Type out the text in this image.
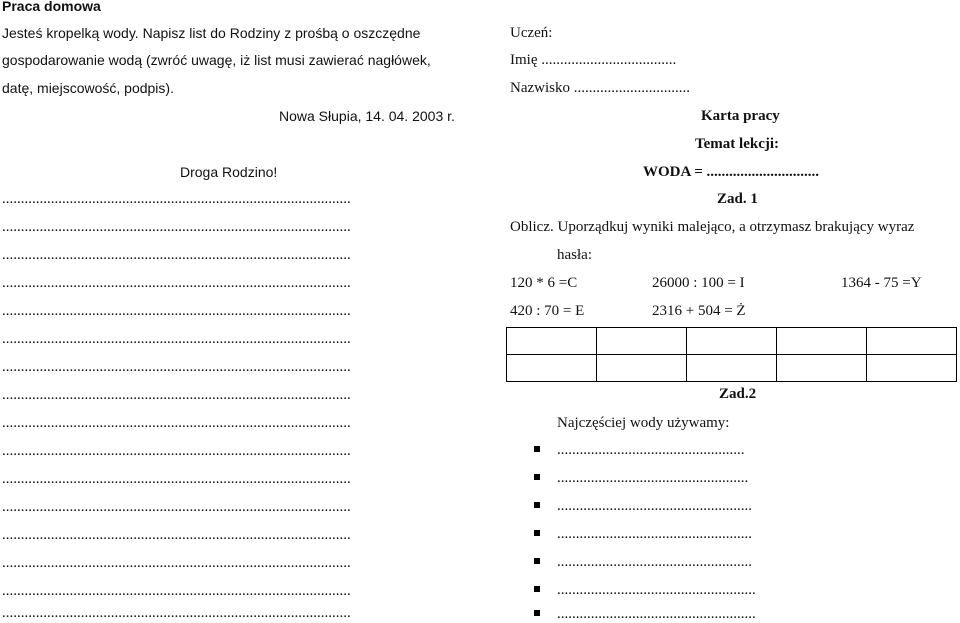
Praca domowa
Jesteś kropelką wody. Napisz list do Rodziny z prośbą o oszczędne
gospodarowanie wodą (zwróć uwagę, iż list musi zawierać nagłówek,
datę, miejscowość, podpis).
Nowa Słupia, 14. 04. 2003 r.
Droga Rodzino!
.............................................................................................
.............................................................................................
.............................................................................................
.............................................................................................
.............................................................................................
.............................................................................................
.............................................................................................
.............................................................................................
.............................................................................................
.............................................................................................
.............................................................................................
.............................................................................................
.............................................................................................
.............................................................................................
.............................................................................................
.............................................................................................
Uczeń:
Imię ....................................
Nazwisko ...............................
Karta pracy
Temat lekcji:
WODA = ..............................
Zad. 1
Oblicz. Uporządkuj wyniki malejąco, a otrzymasz brakujący wyraz
hasła:
120 * 6 =C	26000 : 100 = I	1364 - 75 =Y
420 : 70 = E	2316 + 504 = Ż

Zad.2
Najczęściej wody używamy:
..................................................
...................................................
....................................................
....................................................
....................................................
.....................................................
.....................................................
